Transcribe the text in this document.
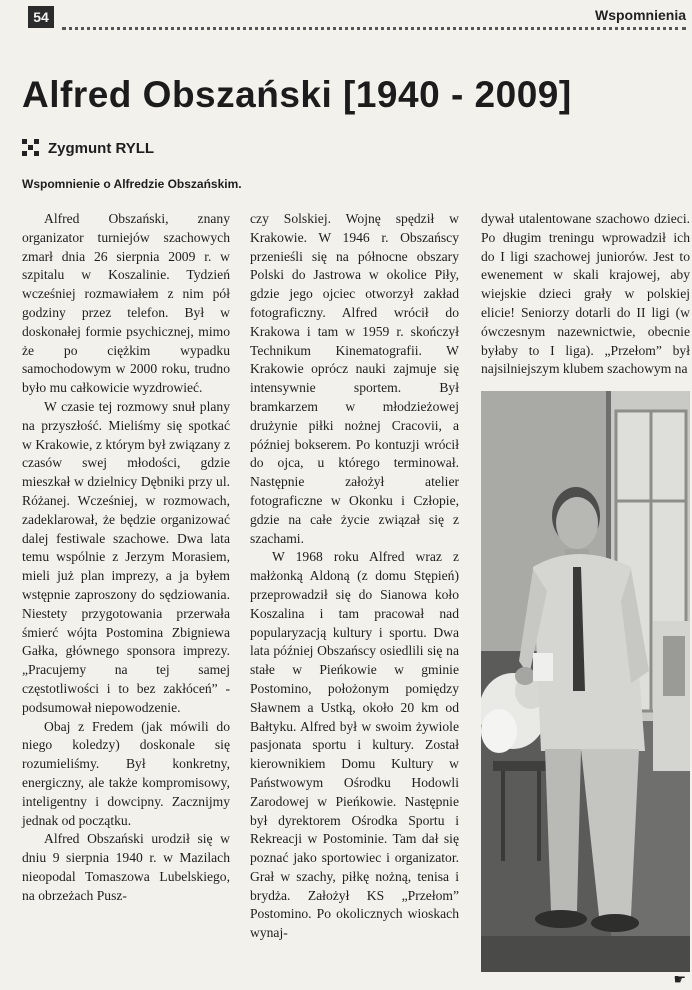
54	Wspomnienia
Alfred Obszański [1940 - 2009]
Zygmunt RYLL
Wspomnienie o Alfredzie Obszańskim.

Alfred Obszański, znany organizator turniejów szachowych zmarł dnia 26 sierpnia 2009 r. w szpitalu w Koszalinie. Tydzień wcześniej rozmawiałem z nim pół godziny przez telefon. Był w doskonałej formie psychicznej, mimo że po ciężkim wypadku samochodowym w 2000 roku, trudno było mu całkowicie wyzdrowieć.

W czasie tej rozmowy snuł plany na przyszłość. Mieliśmy się spotkać w Krakowie, z którym był związany z czasów swej młodości, gdzie mieszkał w dzielnicy Dębniki przy ul. Różanej. Wcześniej, w rozmowach, zadeklarował, że będzie organizować dalej festiwale szachowe. Dwa lata temu wspólnie z Jerzym Morasiem, mieli już plan imprezy, a ja byłem wstępnie zaproszony do sędziowania. Niestety przygotowania przerwała śmierć wójta Postomina Zbigniewa Gałka, głównego sponsora imprezy. „Pracujemy na tej samej częstotliwości i to bez zakłóceń” - podsumował niepowodzenie.

Obaj z Fredem (jak mówili do niego koledzy) doskonale się rozumieliśmy. Był konkretny, energiczny, ale także kompromisowy, inteligentny i dowcipny. Zacznijmy jednak od początku.

Alfred Obszański urodził się w dniu 9 sierpnia 1940 r. w Mazilach nieopodal Tomaszowa Lubelskiego, na obrzeżach Pusz-

czy Solskiej. Wojnę spędził w Krakowie. W 1946 r. Obszańscy przenieśli się na północne obszary Polski do Jastrowa w okolice Piły, gdzie jego ojciec otworzył zakład fotograficzny. Alfred wrócił do Krakowa i tam w 1959 r. skończył Technikum Kinematografii. W Krakowie oprócz nauki zajmuje się intensywnie sportem. Był bramkarzem w młodzieżowej drużynie piłki nożnej Cracovii, a później bokserem. Po kontuzji wrócił do ojca, u którego terminował. Następnie założył atelier fotograficzne w Okonku i Człopie, gdzie na całe życie związał się z szachami.

W 1968 roku Alfred wraz z małżonką Aldoną (z domu Stępień) przeprowadził się do Sianowa koło Koszalina i tam pracował nad popularyzacją kultury i sportu. Dwa lata później Obszańscy osiedlili się na stałe w Pieńkowie w gminie Postomino, położonym pomiędzy Sławnem a Ustką, około 20 km od Bałtyku. Alfred był w swoim żywiole pasjonata sportu i kultury. Został kierownikiem Domu Kultury w Państwowym Ośrodku Hodowli Zarodowej w Pieńkowie. Następnie był dyrektorem Ośrodka Sportu i Rekreacji w Postominie. Tam dał się poznać jako sportowiec i organizator. Grał w szachy, piłkę nożną, tenisa i brydża. Założył KS „Przełom” Postomino. Po okolicznych wioskach wynaj-

dywał utalentowane szachowo dzieci. Po długim treningu wprowadził ich do I ligi szachowej juniorów. Jest to ewenement w skali krajowej, aby wiejskie dzieci grały w polskiej elicie! Seniorzy dotarli do II ligi (w ówczesnym nazewnictwie, obecnie byłaby to I liga). „Przełom” był najsilniejszym klubem szachowym na

☛
